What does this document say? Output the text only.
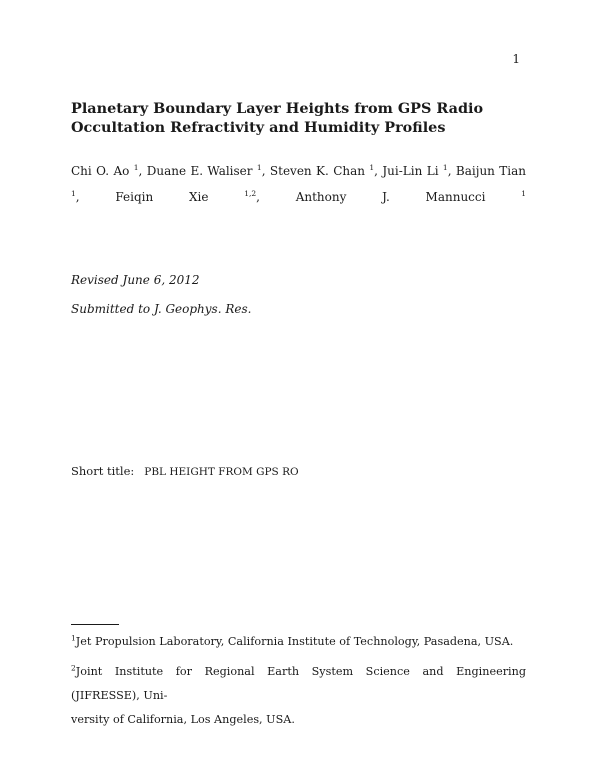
1
Planetary Boundary Layer Heights from GPS Radio
Occultation Refractivity and Humidity Profiles
Chi O. Ao $^1$, Duane E. Waliser $^1$, Steven K. Chan $^1$, Jui-Lin Li $^1$, Baijun Tian $^1$, Feiqin Xie	$^{1,2}$, Anthony J. Mannucci	$^1$
Revised June 6, 2012
Submitted to J. Geophys. Res.
Short title: PBL HEIGHT FROM GPS RO
$^1$Jet Propulsion Laboratory, California Institute of Technology, Pasadena, USA.
$^2$Joint Institute for Regional Earth System Science and Engineering (JIFRESSE), Uni-
versity of California, Los Angeles, USA.
